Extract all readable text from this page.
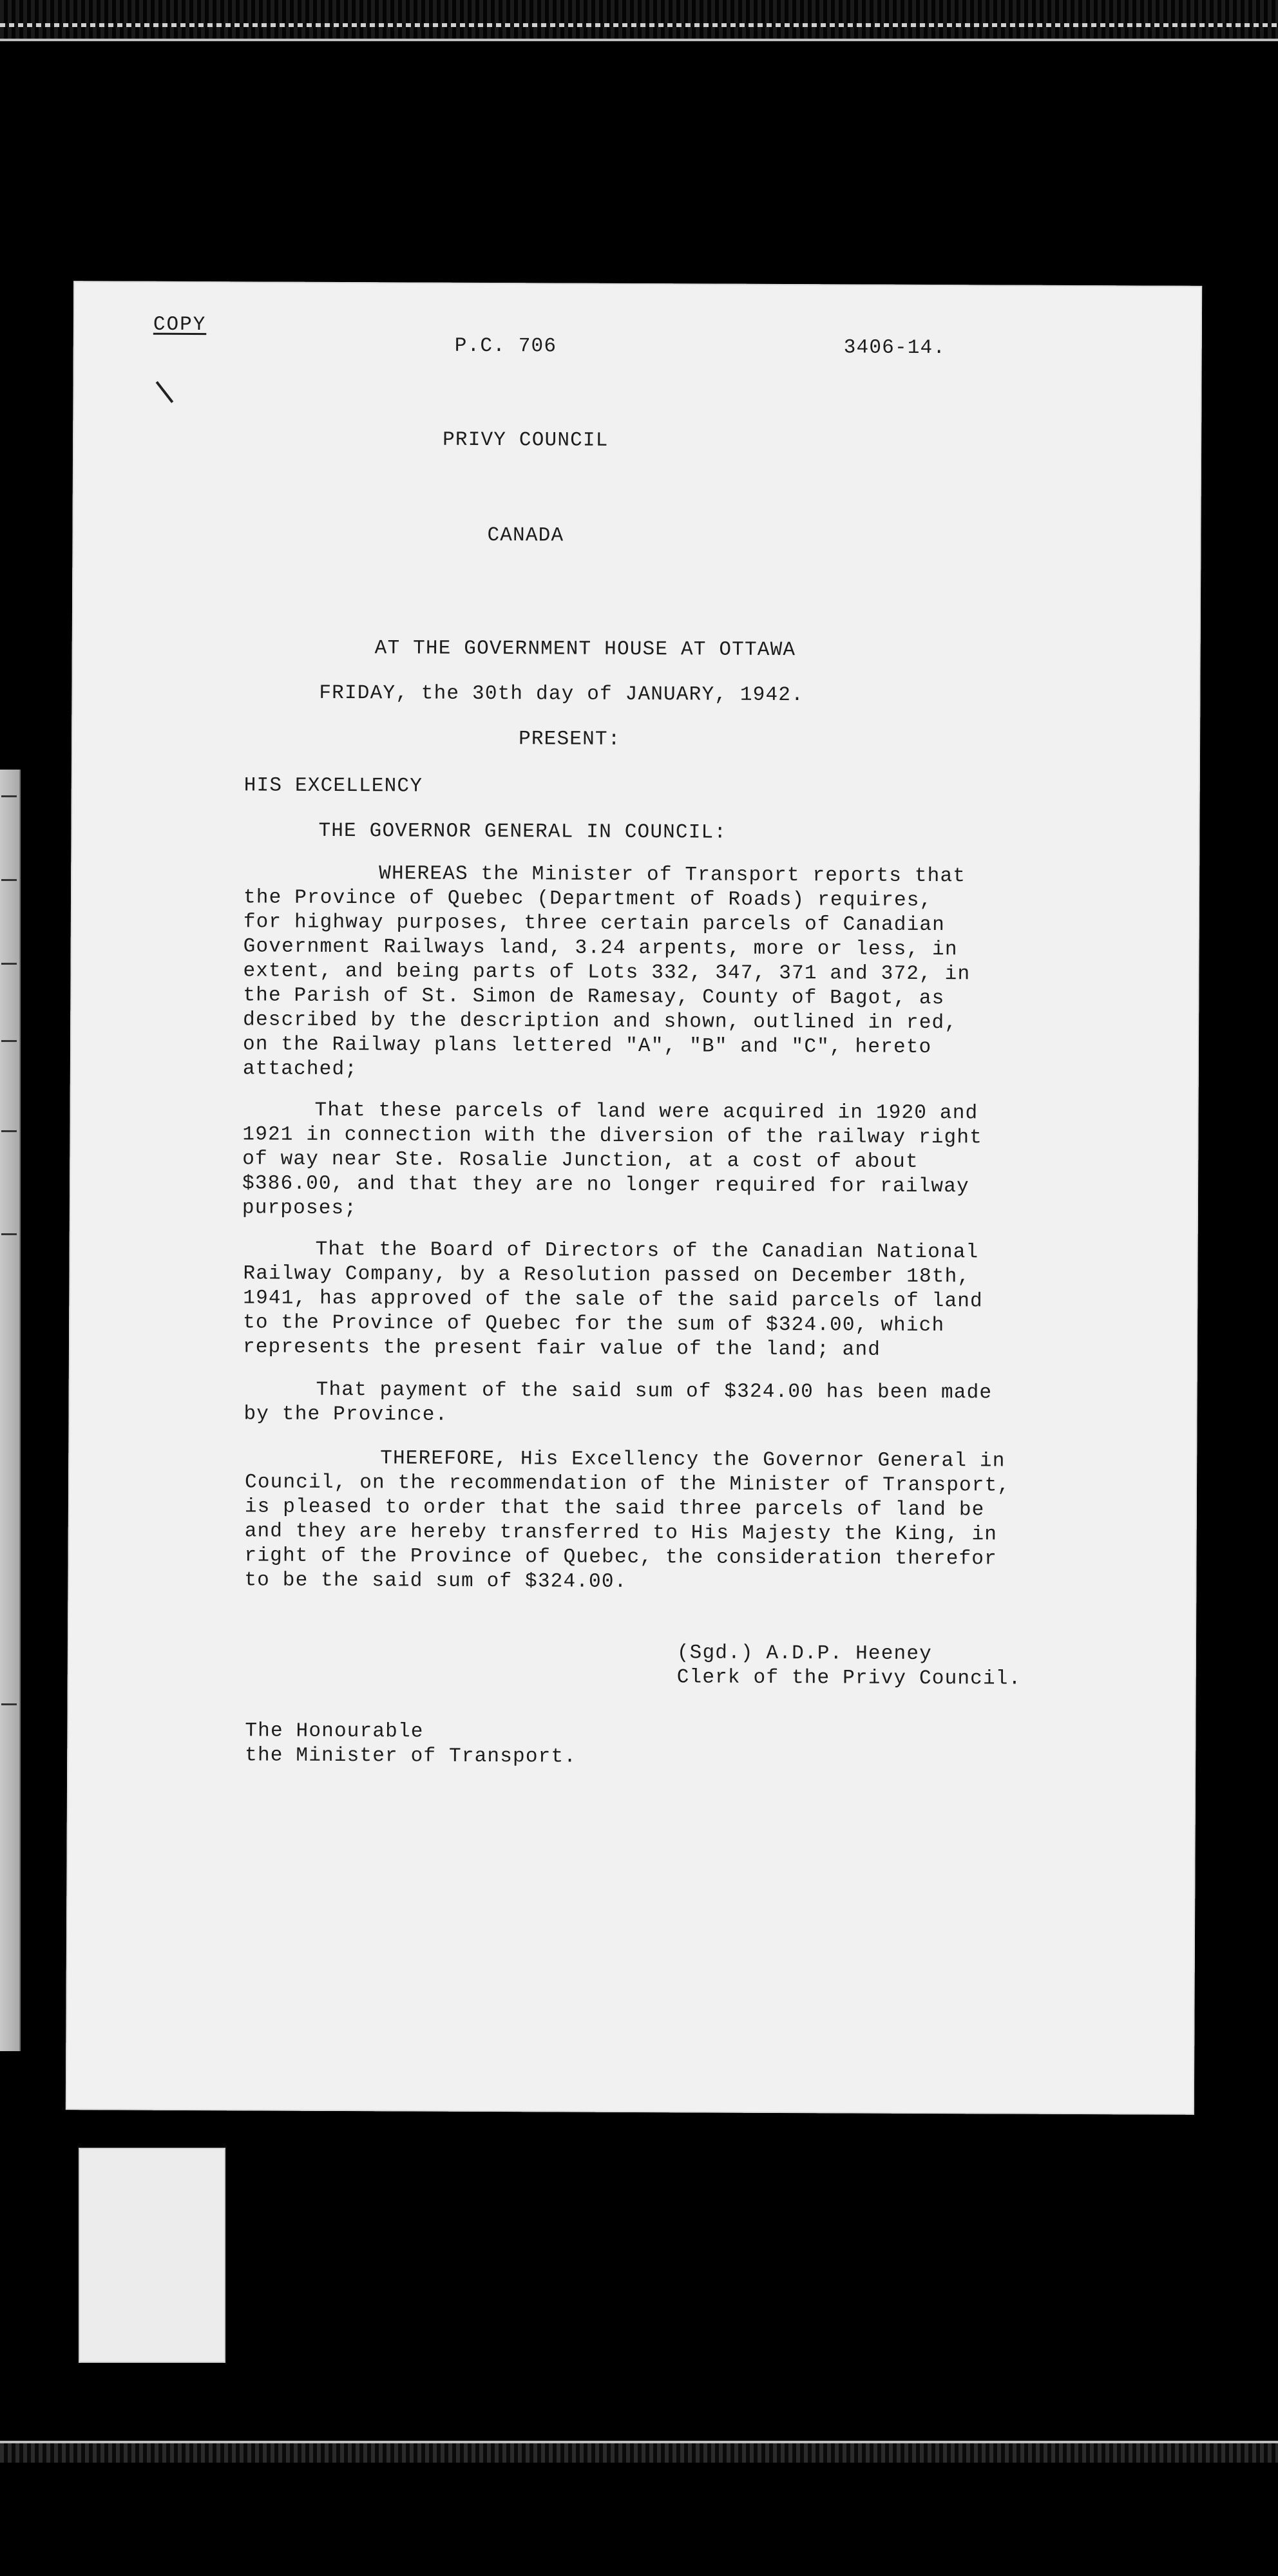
COPY
P.C. 706	3406-14.
PRIVY COUNCIL
CANADA
AT THE GOVERNMENT HOUSE AT OTTAWA
FRIDAY, the 30th day of JANUARY, 1942.
PRESENT:
HIS EXCELLENCY
THE GOVERNOR GENERAL IN COUNCIL:
WHEREAS the Minister of Transport reports that
the Province of Quebec (Department of Roads) requires,
for highway purposes, three certain parcels of Canadian
Government Railways land, 3.24 arpents, more or less, in
extent, and being parts of Lots 332, 347, 371 and 372, in
the Parish of St. Simon de Ramesay, County of Bagot, as
described by the description and shown, outlined in red,
on the Railway plans lettered "A", "B" and "C", hereto
attached;
That these parcels of land were acquired in 1920 and
1921 in connection with the diversion of the railway right
of way near Ste. Rosalie Junction, at a cost of about
$386.00, and that they are no longer required for railway
purposes;
That the Board of Directors of the Canadian National
Railway Company, by a Resolution passed on December 18th,
1941, has approved of the sale of the said parcels of land
to the Province of Quebec for the sum of $324.00, which
represents the present fair value of the land; and
That payment of the said sum of $324.00 has been made
by the Province.
THEREFORE, His Excellency the Governor General in
Council, on the recommendation of the Minister of Transport,
is pleased to order that the said three parcels of land be
and they are hereby transferred to His Majesty the King, in
right of the Province of Quebec, the consideration therefor
to be the said sum of $324.00.
(Sgd.) A.D.P. Heeney
Clerk of the Privy Council.
The Honourable
the Minister of Transport.
